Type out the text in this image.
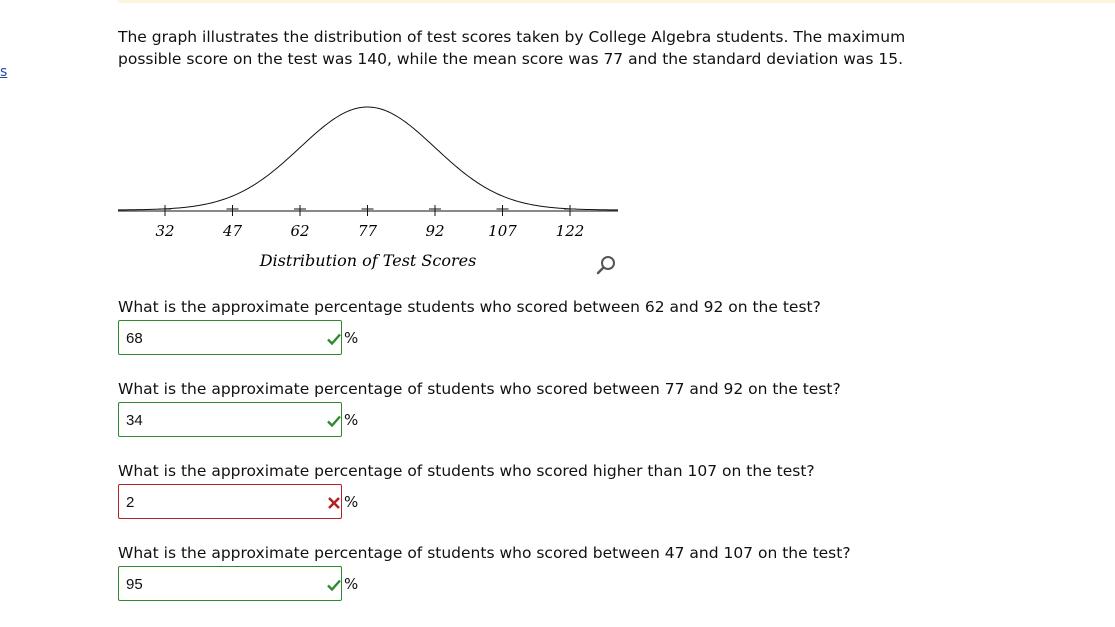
s

The graph illustrates the distribution of test scores taken by College Algebra students. The maximum

possible score on the test was 140, while the mean score was 77 and the standard deviation was 15.

32	47	62	77	92	107	122
Distribution of Test Scores
What is the approximate percentage students who scored between 62 and 92 on the test?
68	%
What is the approximate percentage of students who scored between 77 and 92 on the test?
34	%
What is the approximate percentage of students who scored higher than 107 on the test?
2	%
What is the approximate percentage of students who scored between 47 and 107 on the test?
95	%
